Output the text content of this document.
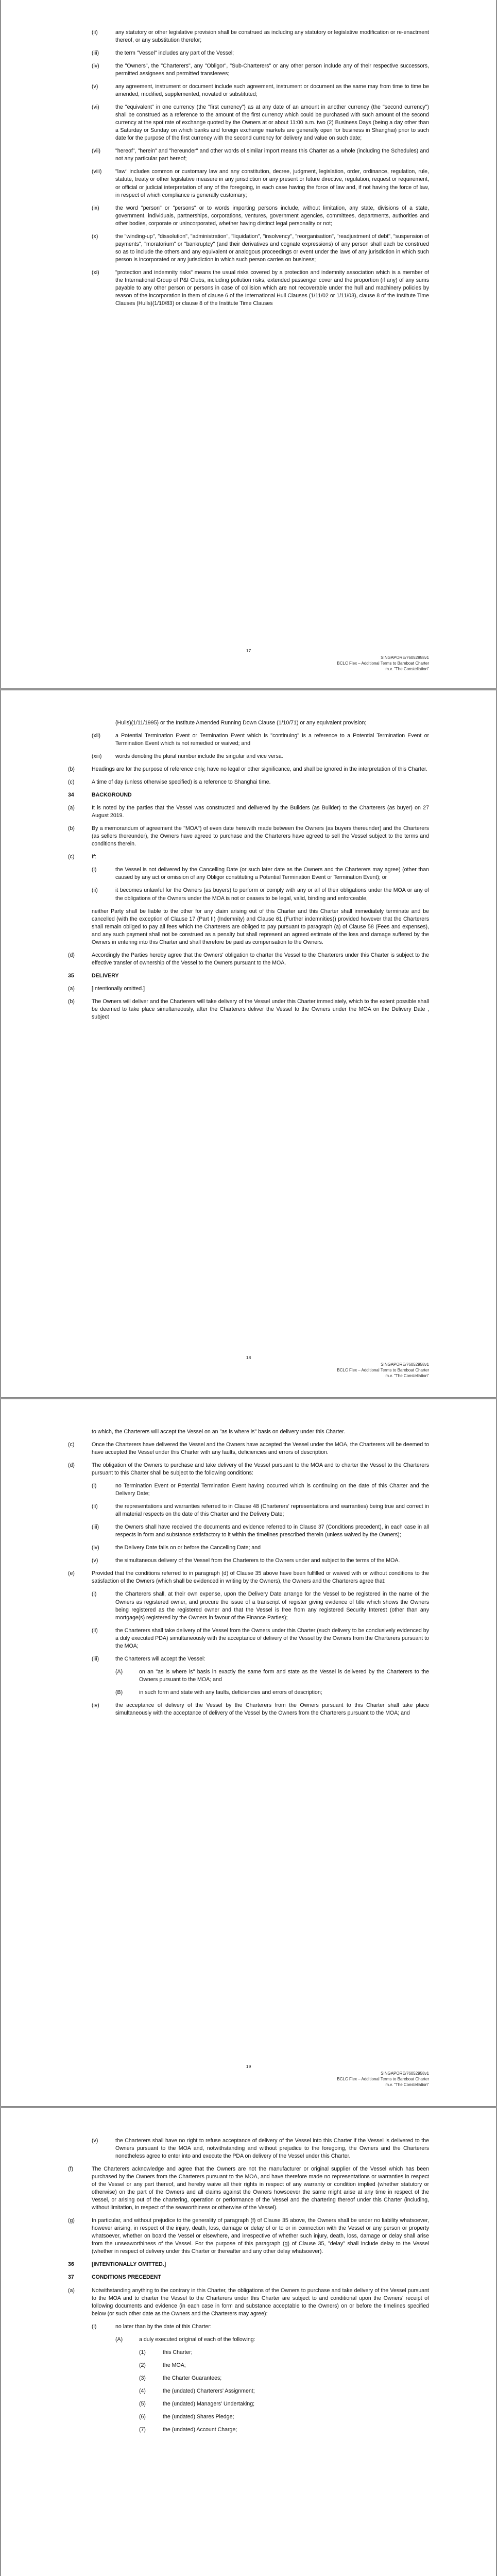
(ii)	any statutory or other legislative provision shall be construed as including any statutory or legislative modification or re-enactment thereof, or any substitution therefor;
(iii)	the term "Vessel" includes any part of the Vessel;
(iv)	the "Owners", the "Charterers", any "Obligor", "Sub-Charterers" or any other person include any of their respective successors, permitted assignees and permitted transferees;
(v)	any agreement, instrument or document include such agreement, instrument or document as the same may from time to time be amended, modified, supplemented, novated or substituted;
(vi)	the "equivalent" in one currency (the "first currency") as at any date of an amount in another currency (the "second currency") shall be construed as a reference to the amount of the first currency which could be purchased with such amount of the second currency at the spot rate of exchange quoted by the Owners at or about 11:00 a.m. two (2) Business Days (being a day other than a Saturday or Sunday on which banks and foreign exchange markets are generally open for business in Shanghai) prior to such date for the purpose of the first currency with the second currency for delivery and value on such date;
(vii)	"hereof", "herein" and "hereunder" and other words of similar import means this Charter as a whole (including the Schedules) and not any particular part hereof;
(viii)	"law" includes common or customary law and any constitution, decree, judgment, legislation, order, ordinance, regulation, rule, statute, treaty or other legislative measure in any jurisdiction or any present or future directive, regulation, request or requirement, or official or judicial interpretation of any of the foregoing, in each case having the force of law and, if not having the force of law, in respect of which compliance is generally customary;
(ix)	the word "person" or "persons" or to words importing persons include, without limitation, any state, divisions of a state, government, individuals, partnerships, corporations, ventures, government agencies, committees, departments, authorities and other bodies, corporate or unincorporated, whether having distinct legal personality or not;
(x)	the "winding-up", "dissolution", "administration", "liquidation", "insolvency", "reorganisation", "readjustment of debt", "suspension of payments", "moratorium" or "bankruptcy" (and their derivatives and cognate expressions) of any person shall each be construed so as to include the others and any equivalent or analogous proceedings or event under the laws of any jurisdiction in which such person is incorporated or any jurisdiction in which such person carries on business;
(xi)	"protection and indemnity risks" means the usual risks covered by a protection and indemnity association which is a member of the International Group of P&I Clubs, including pollution risks, extended passenger cover and the proportion (if any) of any sums payable to any other person or persons in case of collision which are not recoverable under the hull and machinery policies by reason of the incorporation in them of clause 6 of the International Hull Clauses (1/11/02 or 1/11/03), clause 8 of the Institute Time Clauses (Hulls)(1/10/83) or clause 8 of the Institute Time Clauses
17
SINGAPORE/76052958v1
BCLC Flex – Additional Terms to Bareboat Charter
m.v. "The Constellation"
(Hulls)(1/11/1995) or the Institute Amended Running Down Clause (1/10/71) or any equivalent provision;
(xii)	a Potential Termination Event or Termination Event which is "continuing" is a reference to a Potential Termination Event or Termination Event which is not remedied or waived; and
(xiii)	words denoting the plural number include the singular and vice versa.
(b)	Headings are for the purpose of reference only, have no legal or other significance, and shall be ignored in the interpretation of this Charter.
(c)	A time of day (unless otherwise specified) is a reference to Shanghai time.
34	BACKGROUND
(a)	It is noted by the parties that the Vessel was constructed and delivered by the Builders (as Builder) to the Charterers (as buyer) on 27 August 2019.
(b)	By a memorandum of agreement the "MOA") of even date herewith made between the Owners (as buyers thereunder) and the Charterers (as sellers thereunder), the Owners have agreed to purchase and the Charterers have agreed to sell the Vessel subject to the terms and conditions therein.
(c)	If:
(i)	the Vessel is not delivered by the Cancelling Date (or such later date as the Owners and the Charterers may agree) (other than caused by any act or omission of any Obligor constituting a Potential Termination Event or Termination Event); or
(ii)	it becomes unlawful for the Owners (as buyers) to perform or comply with any or all of their obligations under the MOA or any of the obligations of the Owners under the MOA is not or ceases to be legal, valid, binding and enforceable,
neither Party shall be liable to the other for any claim arising out of this Charter and this Charter shall immediately terminate and be cancelled (with the exception of Clause 17 (Part II) (Indemnity) and Clause 61 (Further indemnities)) provided however that the Charterers shall remain obliged to pay all fees which the Charterers are obliged to pay pursuant to paragraph (a) of Clause 58 (Fees and expenses), and any such payment shall not be construed as a penalty but shall represent an agreed estimate of the loss and damage suffered by the Owners in entering into this Charter and shall therefore be paid as compensation to the Owners.
(d)	Accordingly the Parties hereby agree that the Owners' obligation to charter the Vessel to the Charterers under this Charter is subject to the effective transfer of ownership of the Vessel to the Owners pursuant to the MOA.
35	DELIVERY
(a)	[Intentionally omitted.]
(b)	The Owners will deliver and the Charterers will take delivery of the Vessel under this Charter immediately, which to the extent possible shall be deemed to take place simultaneously, after the Charterers deliver the Vessel to the Owners under the MOA on the Delivery Date , subject
18
SINGAPORE/76052958v1
BCLC Flex – Additional Terms to Bareboat Charter
m.v. "The Constellation"
to which, the Charterers will accept the Vessel on an "as is where is" basis on delivery under this Charter.
(c)	Once the Charterers have delivered the Vessel and the Owners have accepted the Vessel under the MOA, the Charterers will be deemed to have accepted the Vessel under this Charter with any faults, deficiencies and errors of description.
(d)	The obligation of the Owners to purchase and take delivery of the Vessel pursuant to the MOA and to charter the Vessel to the Charterers pursuant to this Charter shall be subject to the following conditions:
(i)	no Termination Event or Potential Termination Event having occurred which is continuing on the date of this Charter and the Delivery Date;
(ii)	the representations and warranties referred to in Clause 48 (Charterers' representations and warranties) being true and correct in all material respects on the date of this Charter and the Delivery Date;
(iii)	the Owners shall have received the documents and evidence referred to in Clause 37 (Conditions precedent), in each case in all respects in form and substance satisfactory to it within the timelines prescribed therein (unless waived by the Owners);
(iv)	the Delivery Date falls on or before the Cancelling Date; and
(v)	the simultaneous delivery of the Vessel from the Charterers to the Owners under and subject to the terms of the MOA.
(e)	Provided that the conditions referred to in paragraph (d) of Clause 35 above have been fulfilled or waived with or without conditions to the satisfaction of the Owners (which shall be evidenced in writing by the Owners), the Owners and the Charterers agree that:
(i)	the Charterers shall, at their own expense, upon the Delivery Date arrange for the Vessel to be registered in the name of the Owners as registered owner, and procure the issue of a transcript of register giving evidence of title which shows the Owners being registered as the registered owner and that the Vessel is free from any registered Security Interest (other than any mortgage(s) registered by the Owners in favour of the Finance Parties);
(ii)	the Charterers shall take delivery of the Vessel from the Owners under this Charter (such delivery to be conclusively evidenced by a duly executed PDA) simultaneously with the acceptance of delivery of the Vessel by the Owners from the Charterers pursuant to the MOA;
(iii)	the Charterers will accept the Vessel:
(A)	on an "as is where is" basis in exactly the same form and state as the Vessel is delivered by the Charterers to the Owners pursuant to the MOA; and
(B)	in such form and state with any faults, deficiencies and errors of description;
(iv)	the acceptance of delivery of the Vessel by the Charterers from the Owners pursuant to this Charter shall take place simultaneously with the acceptance of delivery of the Vessel by the Owners from the Charterers pursuant to the MOA; and
19
SINGAPORE/76052958v1
BCLC Flex – Additional Terms to Bareboat Charter
m.v. "The Constellation"
(v)	the Charterers shall have no right to refuse acceptance of delivery of the Vessel into this Charter if the Vessel is delivered to the Owners pursuant to the MOA and, notwithstanding and without prejudice to the foregoing, the Owners and the Charterers nonetheless agree to enter into and execute the PDA on delivery of the Vessel under this Charter.
(f)	The Charterers acknowledge and agree that the Owners are not the manufacturer or original supplier of the Vessel which has been purchased by the Owners from the Charterers pursuant to the MOA, and have therefore made no representations or warranties in respect of the Vessel or any part thereof, and hereby waive all their rights in respect of any warranty or condition implied (whether statutory or otherwise) on the part of the Owners and all claims against the Owners howsoever the same might arise at any time in respect of the Vessel, or arising out of the chartering, operation or performance of the Vessel and the chartering thereof under this Charter (including, without limitation, in respect of the seaworthiness or otherwise of the Vessel).
(g)	In particular, and without prejudice to the generality of paragraph (f) of Clause 35 above, the Owners shall be under no liability whatsoever, however arising, in respect of the injury, death, loss, damage or delay of or to or in connection with the Vessel or any person or property whatsoever, whether on board the Vessel or elsewhere, and irrespective of whether such injury, death, loss, damage or delay shall arise from the unseaworthiness of the Vessel. For the purpose of this paragraph (g) of Clause 35, "delay" shall include delay to the Vessel (whether in respect of delivery under this Charter or thereafter and any other delay whatsoever).
36	[INTENTIONALLY OMITTED.]
37	CONDITIONS PRECEDENT
(a)	Notwithstanding anything to the contrary in this Charter, the obligations of the Owners to purchase and take delivery of the Vessel pursuant to the MOA and to charter the Vessel to the Charterers under this Charter are subject to and conditional upon the Owners' receipt of following documents and evidence (in each case in form and substance acceptable to the Owners) on or before the timelines specified below (or such other date as the Owners and the Charterers may agree):
(i)	no later than by the date of this Charter:
(A)	a duly executed original of each of the following:
(1)	this Charter;
(2)	the MOA;
(3)	the Charter Guarantees;
(4)	the (undated) Charterers' Assignment;
(5)	the (undated) Managers' Undertaking;
(6)	the (undated) Shares Pledge;
(7)	the (undated) Account Charge;
